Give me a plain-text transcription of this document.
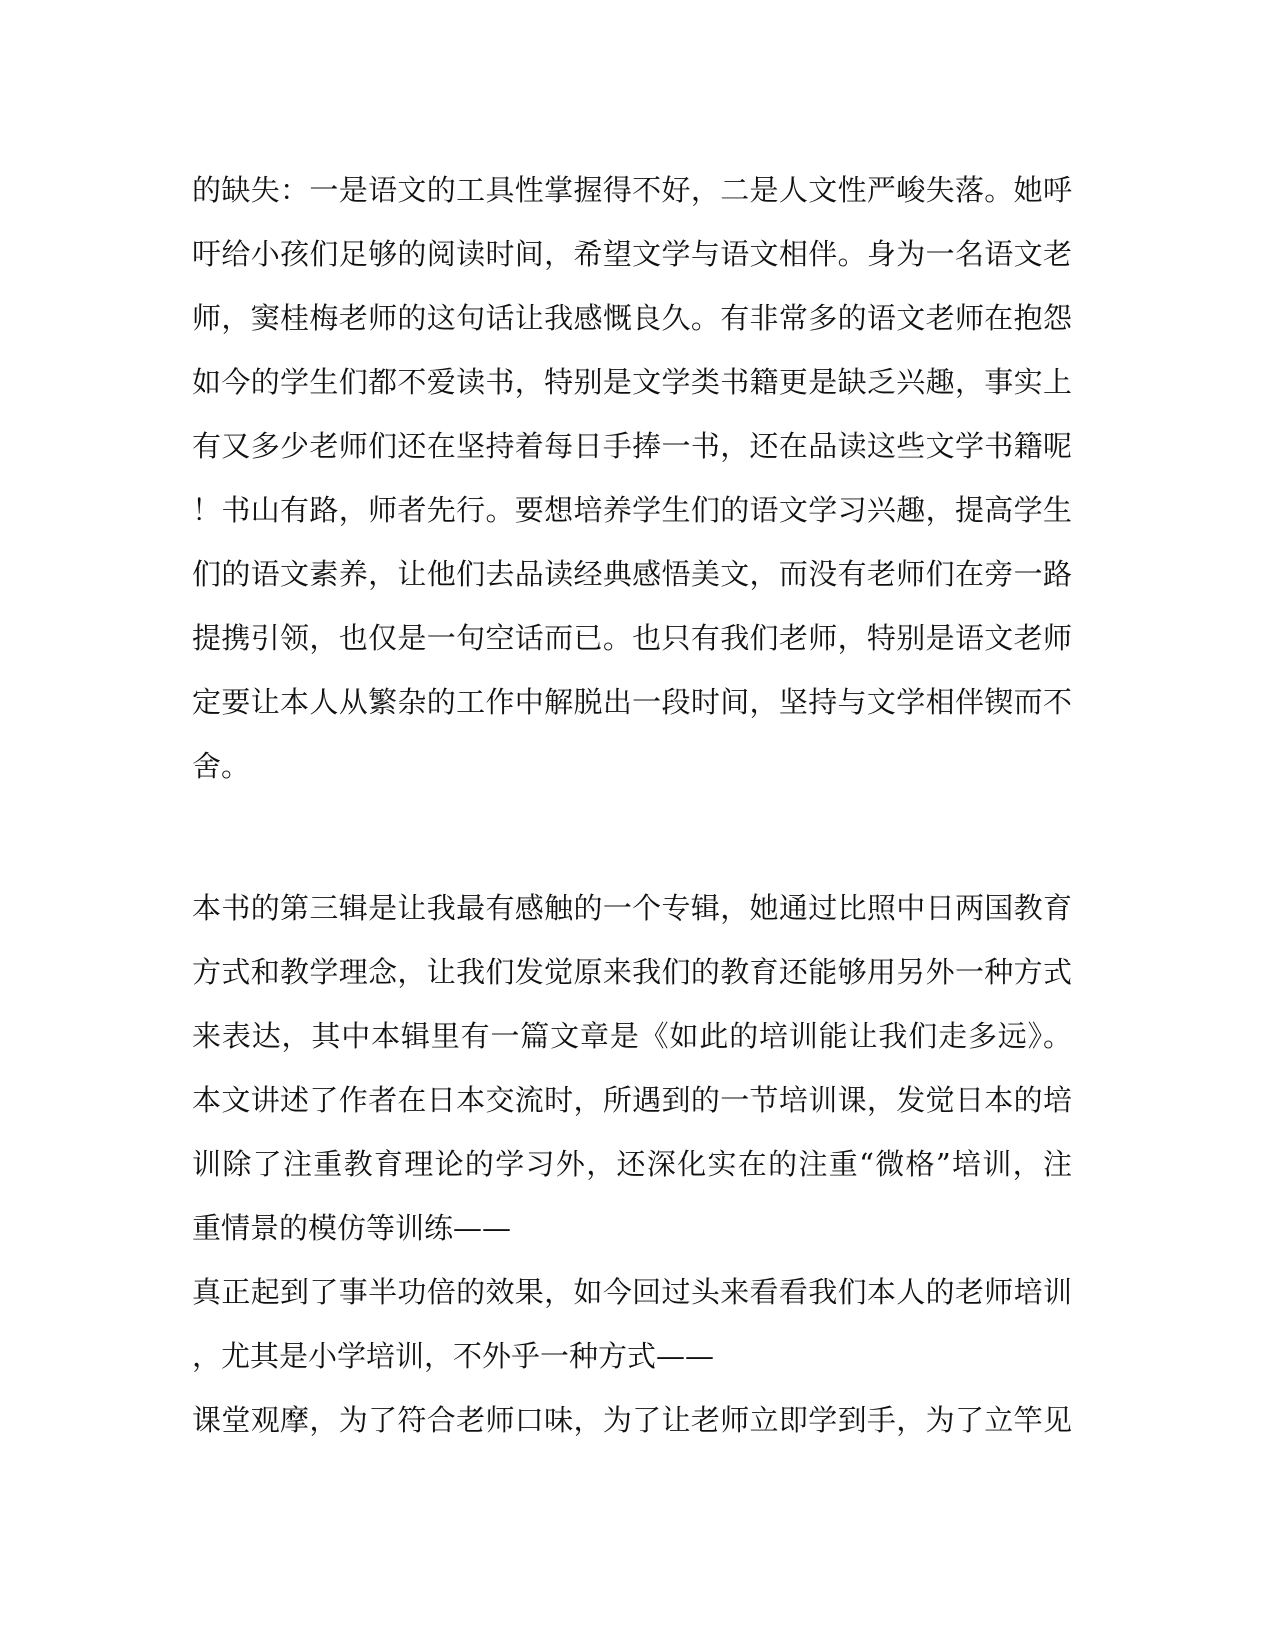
的缺失：一是语文的工具性掌握得不好，二是人文性严峻失落。她呼
吁给小孩们足够的阅读时间，希望文学与语文相伴。身为一名语文老
师，窦桂梅老师的这句话让我感慨良久。有非常多的语文老师在抱怨
如今的学生们都不爱读书，特别是文学类书籍更是缺乏兴趣，事实上
有又多少老师们还在坚持着每日手捧一书，还在品读这些文学书籍呢
！书山有路，师者先行。要想培养学生们的语文学习兴趣，提高学生
们的语文素养，让他们去品读经典感悟美文，而没有老师们在旁一路
提携引领，也仅是一句空话而已。也只有我们老师，特别是语文老师
定要让本人从繁杂的工作中解脱出一段时间，坚持与文学相伴锲而不
舍。
本书的第三辑是让我最有感触的一个专辑，她通过比照中日两国教育
方式和教学理念，让我们发觉原来我们的教育还能够用另外一种方式
来表达，其中本辑里有一篇文章是《如此的培训能让我们走多远》。
本文讲述了作者在日本交流时，所遇到的一节培训课，发觉日本的培
训除了注重教育理论的学习外，还深化实在的注重“微格”培训，注
重情景的模仿等训练——
真正起到了事半功倍的效果，如今回过头来看看我们本人的老师培训
，尤其是小学培训，不外乎一种方式——
课堂观摩，为了符合老师口味，为了让老师立即学到手，为了立竿见
